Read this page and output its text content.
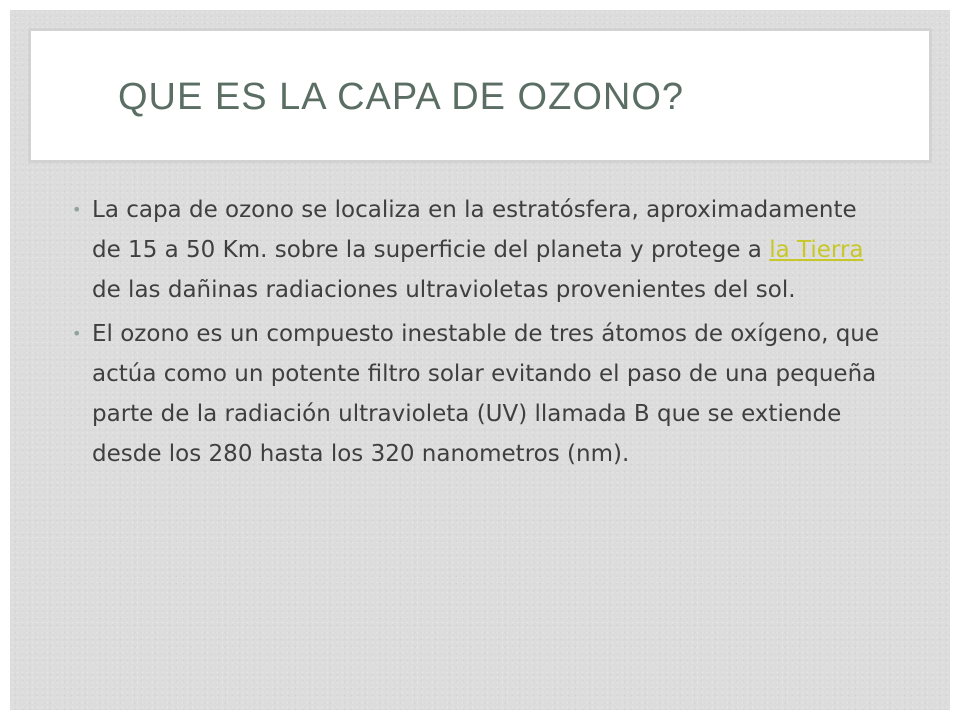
QUE ES LA CAPA DE OZONO?

• La capa de ozono se localiza en la estratósfera, aproximadamente de 15 a 50 Km. sobre la superficie del planeta y protege a la Tierra de las dañinas radiaciones ultravioletas provenientes del sol.

• El ozono es un compuesto inestable de tres átomos de oxígeno, que actúa como un potente filtro solar evitando el paso de una pequeña parte de la radiación ultravioleta (UV) llamada B que se extiende desde los 280 hasta los 320 nanometros (nm).
